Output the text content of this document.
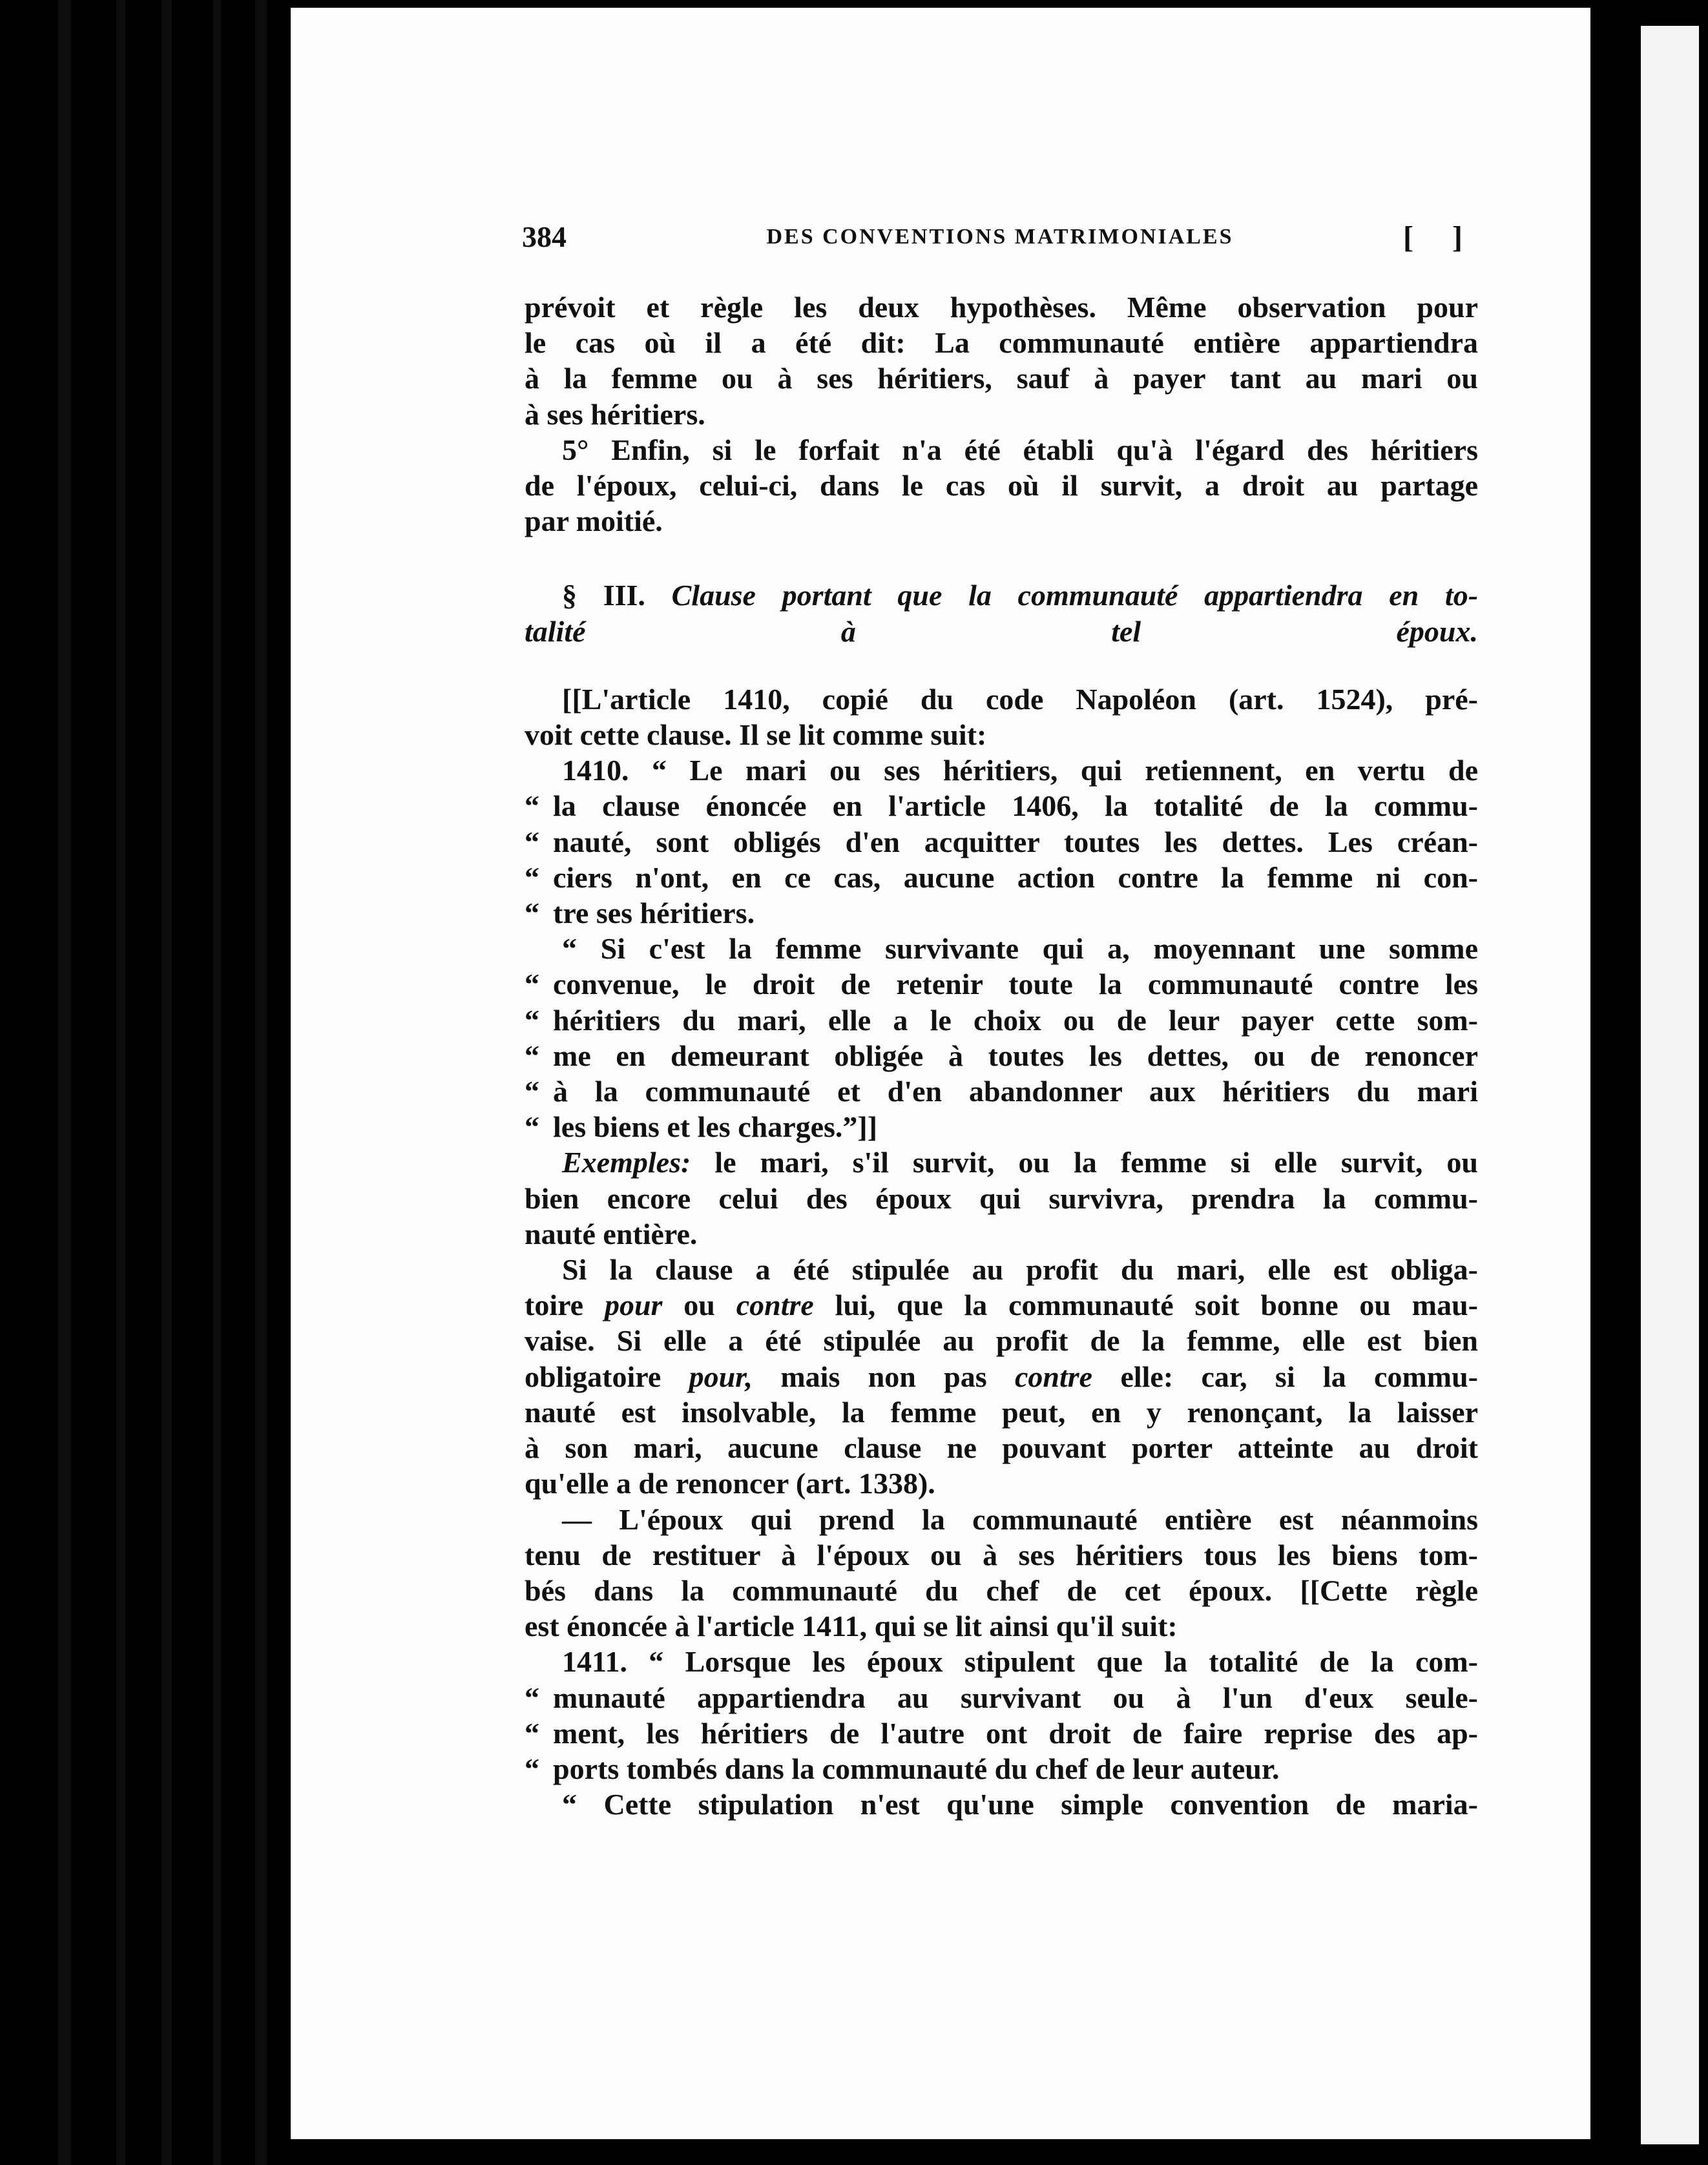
384	DES CONVENTIONS MATRIMONIALES	[ ]

prévoit et règle les deux hypothèses. Même observation pour

le cas où il a été dit: La communauté entière appartiendra

à la femme ou à ses héritiers, sauf à payer tant au mari ou

à ses héritiers.

5° Enfin, si le forfait n'a été établi qu'à l'égard des héritiers

de l'époux, celui-ci, dans le cas où il survit, a droit au partage

par moitié.

§ III. Clause portant que la communauté appartiendra en to-

talité à tel époux.

[[L'article 1410, copié du code Napoléon (art. 1524), pré-

voit cette clause. Il se lit comme suit:

1410. “ Le mari ou ses héritiers, qui retiennent, en vertu de

“ la clause énoncée en l'article 1406, la totalité de la commu-

“ nauté, sont obligés d'en acquitter toutes les dettes. Les créan-

“ ciers n'ont, en ce cas, aucune action contre la femme ni con-

“ tre ses héritiers.

“ Si c'est la femme survivante qui a, moyennant une somme

“ convenue, le droit de retenir toute la communauté contre les

“ héritiers du mari, elle a le choix ou de leur payer cette som-

“ me en demeurant obligée à toutes les dettes, ou de renoncer

“ à la communauté et d'en abandonner aux héritiers du mari

“ les biens et les charges.”]]

Exemples: le mari, s'il survit, ou la femme si elle survit, ou

bien encore celui des époux qui survivra, prendra la commu-

nauté entière.

Si la clause a été stipulée au profit du mari, elle est obliga-

toire pour ou contre lui, que la communauté soit bonne ou mau-

vaise. Si elle a été stipulée au profit de la femme, elle est bien

obligatoire pour, mais non pas contre elle: car, si la commu-

nauté est insolvable, la femme peut, en y renonçant, la laisser

à son mari, aucune clause ne pouvant porter atteinte au droit

qu'elle a de renoncer (art. 1338).

— L'époux qui prend la communauté entière est néanmoins

tenu de restituer à l'époux ou à ses héritiers tous les biens tom-

bés dans la communauté du chef de cet époux. [[Cette règle

est énoncée à l'article 1411, qui se lit ainsi qu'il suit:

1411. “ Lorsque les époux stipulent que la totalité de la com-

“ munauté appartiendra au survivant ou à l'un d'eux seule-

“ ment, les héritiers de l'autre ont droit de faire reprise des ap-

“ ports tombés dans la communauté du chef de leur auteur.

“ Cette stipulation n'est qu'une simple convention de maria-
